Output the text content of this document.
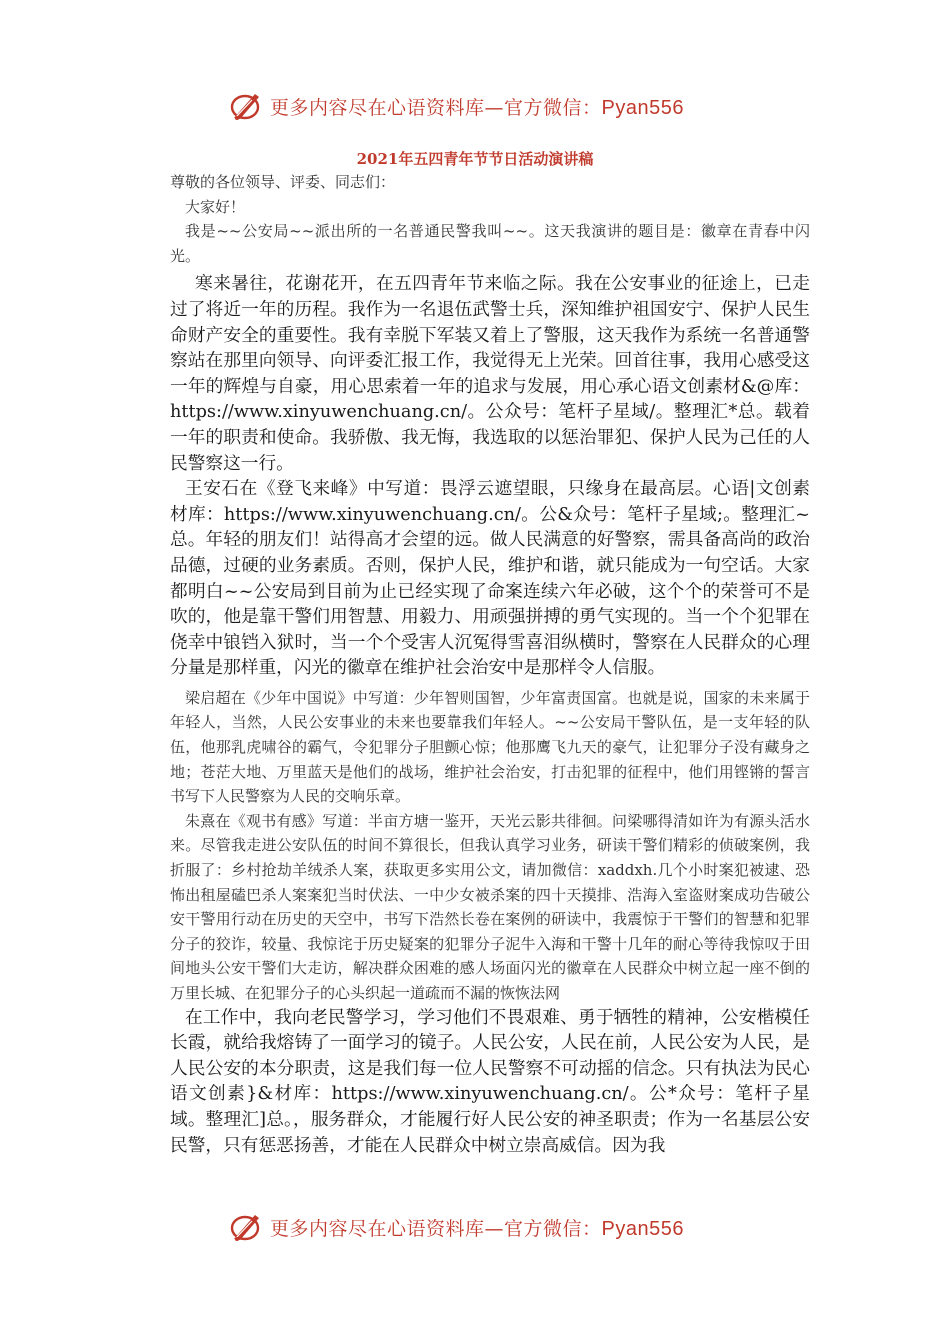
更多内容尽在心语资料库—官方微信：Pyan556
2021年五四青年节节日活动演讲稿

尊敬的各位领导、评委、同志们：

大家好！

我是~~公安局~~派出所的一名普通民警我叫~~。这天我演讲的题目是：徽章在青春中闪光。

寒来暑往，花谢花开，在五四青年节来临之际。我在公安事业的征途上，已走过了将近一年的历程。我作为一名退伍武警士兵，深知维护祖国安宁、保护人民生命财产安全的重要性。我有幸脱下军装又着上了警服，这天我作为系统一名普通警察站在那里向领导、向评委汇报工作，我觉得无上光荣。回首往事，我用心感受这一年的辉煌与自豪，用心思索着一年的追求与发展，用心承心语文创素材&@库：https://www.xinyuwenchuang.cn/。公众号：笔杆子星域/。整理汇*总。载着一年的职责和使命。我骄傲、我无悔，我选取的以惩治罪犯、保护人民为己任的人民警察这一行。

王安石在《登飞来峰》中写道：畏浮云遮望眼，只缘身在最高层。心语|文创素材库：https://www.xinyuwenchuang.cn/。公&众号：笔杆子星域;。整理汇~总。年轻的朋友们！站得高才会望的远。做人民满意的好警察，需具备高尚的政治品德，过硬的业务素质。否则，保护人民，维护和谐，就只能成为一句空话。大家都明白~~公安局到目前为止已经实现了命案连续六年必破，这个个的荣誉可不是吹的，他是靠干警们用智慧、用毅力、用顽强拼搏的勇气实现的。当一个个犯罪在侥幸中锒铛入狱时，当一个个受害人沉冤得雪喜泪纵横时，警察在人民群众的心理分量是那样重，闪光的徽章在维护社会治安中是那样令人信服。

梁启超在《少年中国说》中写道：少年智则国智，少年富责国富。也就是说，国家的未来属于年轻人，当然，人民公安事业的未来也要靠我们年轻人。~~公安局干警队伍，是一支年轻的队伍，他那乳虎啸谷的霸气，令犯罪分子胆颤心惊；他那鹰飞九天的豪气，让犯罪分子没有藏身之地；苍茫大地、万里蓝天是他们的战场，维护社会治安，打击犯罪的征程中，他们用铿锵的誓言书写下人民警察为人民的交响乐章。

朱熹在《观书有感》写道：半亩方塘一鉴开，天光云影共徘徊。问梁哪得清如许为有源头活水来。尽管我走进公安队伍的时间不算很长，但我认真学习业务，研读干警们精彩的侦破案例，我折服了：乡村抢劫羊绒杀人案，获取更多实用公文，请加微信：xaddxh.几个小时案犯被逮、恐怖出租屋磕巴杀人案案犯当时伏法、一中少女被杀案的四十天摸排、浩海入室盗财案成功告破公安干警用行动在历史的天空中，书写下浩然长卷在案例的研读中，我震惊于干警们的智慧和犯罪分子的狡诈，较量、我惊诧于历史疑案的犯罪分子泥牛入海和干警十几年的耐心等待我惊叹于田间地头公安干警们大走访，解决群众困难的感人场面闪光的徽章在人民群众中树立起一座不倒的万里长城、在犯罪分子的心头织起一道疏而不漏的恢恢法网

在工作中，我向老民警学习，学习他们不畏艰难、勇于牺牲的精神，公安楷模任长霞，就给我熔铸了一面学习的镜子。人民公安，人民在前，人民公安为人民，是人民公安的本分职责，这是我们每一位人民警察不可动摇的信念。只有执法为民心语文创素}&材库：https://www.xinyuwenchuang.cn/。公*众号：笔杆子星域。整理汇]总。，服务群众，才能履行好人民公安的神圣职责；作为一名基层公安民警，只有惩恶扬善，才能在人民群众中树立崇高威信。因为我

更多内容尽在心语资料库—官方微信：Pyan556
